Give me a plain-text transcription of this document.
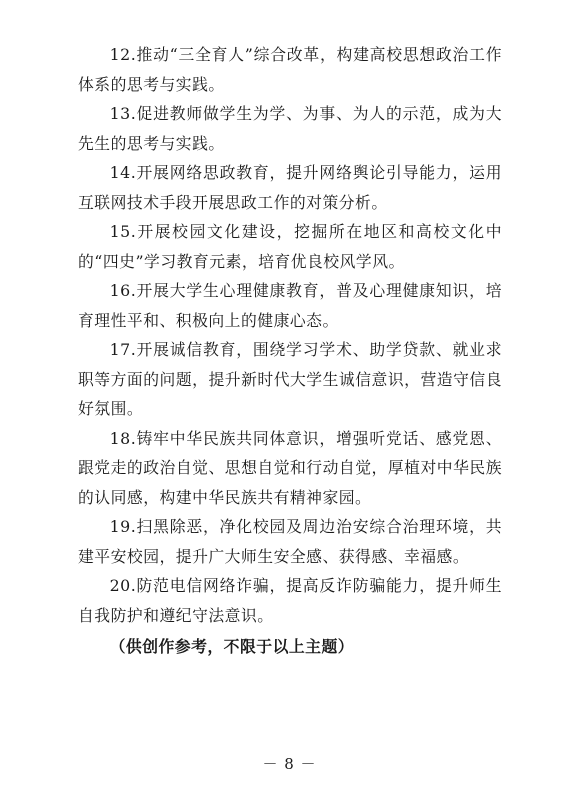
12.推动“三全育人”综合改革，构建高校思想政治工作体系的思考与实践。

13.促进教师做学生为学、为事、为人的示范，成为大先生的思考与实践。

14.开展网络思政教育，提升网络舆论引导能力，运用互联网技术手段开展思政工作的对策分析。

15.开展校园文化建设，挖掘所在地区和高校文化中的“四史”学习教育元素，培育优良校风学风。

16.开展大学生心理健康教育，普及心理健康知识，培育理性平和、积极向上的健康心态。

17.开展诚信教育，围绕学习学术、助学贷款、就业求职等方面的问题，提升新时代大学生诚信意识，营造守信良好氛围。

18.铸牢中华民族共同体意识，增强听党话、感党恩、跟党走的政治自觉、思想自觉和行动自觉，厚植对中华民族的认同感，构建中华民族共有精神家园。

19.扫黑除恶，净化校园及周边治安综合治理环境，共建平安校园，提升广大师生安全感、获得感、幸福感。

20.防范电信网络诈骗，提高反诈防骗能力，提升师生自我防护和遵纪守法意识。

（供创作参考，不限于以上主题）

－ 8 －
